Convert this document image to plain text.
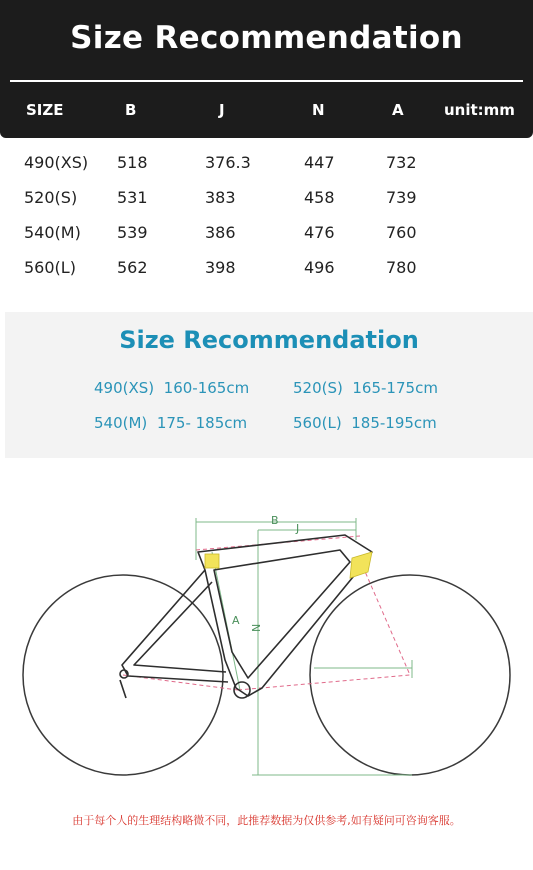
Size Recommendation
SIZE	B	J	N	A	unit:mm
490(XS) 518	376.3	447	732
520(S) 531	383	458	739
540(M) 539	386	476	760
560(L)	562	398	496	780
Size Recommendation
490(XS)  160-165cm	520(S)  165-175cm
540(M)  175- 185cm	560(L)  185-195cm
B
J
N
A
由于每个人的生理结构略微不同，此推荐数据为仅供参考,如有疑问可咨询客服。
